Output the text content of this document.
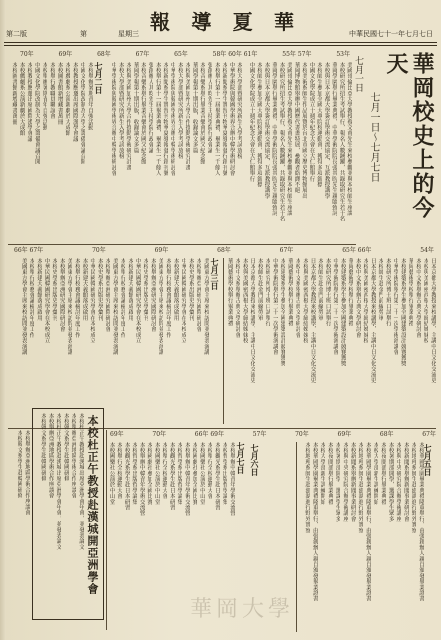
第二版	第	星期三	中華民國七十一年七月七日
報 導 夏 華
華岡校史上的今天
七月一日～七月七日
七月一日
70年	69年	68年	67年	65年	58年 60年 61年	55年 57年	53年
美國哥倫比亞大學教授蔡文甫先生來校參觀並與本校師生座談
本校研究所招生考試舉行，報名人數踴躍，共錄取研究生若干名
華岡學園舉行畢業典禮，中華學術院院長張其昀先生親臨致詞
本校與日本京都大學簽訂學術交流協定，互派教授講學
本校師生參加全國大專院校運動會，獲得多項錦標
中國文化學院成立十週年紀念大會在大仁館舉行
本校美術系師生作品展覽於台北市國立歷史博物館展出
華岡博物館舉辦中國歷代書畫特展，參觀者絡繹不絕
美國哥倫比亞大學教授蔡文甫先生來校參觀並與本校師生座談
本校研究所招生考試舉行，報名人數踴躍，共錄取研究生若干名
華岡學園舉行畢業典禮，中華學術院院長張其昀先生親臨致詞
本校與日本京都大學簽訂學術交流協定，互派教授講學
本校師生參加全國大專院校運動會，獲得多項錦標
中國文化學院成立十週年紀念大會在大仁館舉行
本校大學部暨研究所新生入學考試放榜
中華學術院與韓國學術界合辦中韓學術研討會
本校新聞系學生實習刊物華夏導報發行創刊號
本校舉行第十一屆畢業典禮，畢業生一千餘人
張創辦人其昀先生主持學院行政會議
本校音樂系舉行畢業音樂會於國父紀念館
華岡學報第十期出版，收錄論文多篇
本校與美國加州大學合作推動學術研究計畫
本校大學部暨研究所新生入學考試放榜
中華學術院與韓國學術界合辦中韓學術研討會
本校新聞系學生實習刊物華夏導報發行創刊號
本校舉行第十一屆畢業典禮，畢業生一千餘人
張創辦人其昀先生主持學院行政會議
本校音樂系舉行畢業音樂會於國父紀念館
華岡學報第十期出版，收錄論文多篇
本校與美國加州大學合作推動學術研究計畫
本校大學部暨研究所新生入學考試放榜
中華學術院與韓國學術界合辦中韓學術研討會
七月二日
本校舉辦暑期青年自強活動
中國文化學院改制為大學之籌備會議召開
本校教授應邀出席國際漢學會議
本校戲劇系公演新劇於大成館
本校圖書館新增藏書萬冊
本校舉行教職員聯誼會
本校舉辦暑期青年自強活動
中國文化學院改制為大學之籌備會議召開
本校教授應邀出席國際漢學會議
本校戲劇系公演新劇於大成館
本校圖書館新增藏書萬冊
66年 67年	70年	69年	68年	67年	65年 66年	54年
日本京都大學教授來校講學，主講中日文化交流史
本校與美國密西根大學締結姊妹校
本校中文系舉辦古典文學研討會
華岡藝術學校舉行畢業典禮
本校建築系學生參加全國建築設計競賽獲獎
中華學術院舉行第二十一次學術演講會
本校研究所博士班口試舉行
本校師生赴金門前線勞軍
日本京都大學教授來校講學，主講中日文化交流史
本校與美國密西根大學締結姊妹校
本校中文系舉辦古典文學研討會
華岡藝術學校舉行畢業典禮
本校建築系學生參加全國建築設計競賽獲獎
中華學術院舉行第二十一次學術演講會
本校研究所博士班口試舉行
本校師生赴金門前線勞軍
日本京都大學教授來校講學，主講中日文化交流史
本校與美國密西根大學締結姊妹校
本校中文系舉辦古典文學研討會
華岡藝術學校舉行畢業典禮
本校建築系學生參加全國建築設計競賽獲獎
中華學術院舉行第二十一次學術演講會
本校研究所博士班口試舉行
本校師生赴金門前線勞軍
日本京都大學教授來校講學，主講中日文化交流史
本校與美國密西根大學締結姊妹校
本校中文系舉辦古典文學研討會
華岡藝術學校舉行畢業典禮
七月三日
美國東方學會主席來校訪問並發表演講
本校舉辦亞洲研究國際研討會
本校史學系出版史學彙刊
中華民國韓國研究學會在本校成立
本校新建大義館落成啟用
本校舉行校務會議檢討年度工作
美國東方學會主席來校訪問並發表演講
本校舉辦亞洲研究國際研討會
本校史學系出版史學彙刊
中華民國韓國研究學會在本校成立
本校新建大義館落成啟用
本校舉行校務會議檢討年度工作
美國東方學會主席來校訪問並發表演講
本校舉辦亞洲研究國際研討會
本校史學系出版史學彙刊
中華民國韓國研究學會在本校成立
本校新建大義館落成啟用
本校舉行校務會議檢討年度工作
美國東方學會主席來校訪問並發表演講
本校舉辦亞洲研究國際研討會
本校史學系出版史學彙刊
中華民國韓國研究學會在本校成立
本校新建大義館落成啟用
本校舉行校務會議檢討年度工作
美國東方學會主席來校訪問並發表演講
69年	70年	66年 69年	57年	70年	69年	68年	67年
七月五日
本校華岡學園畢業典禮隆重舉行，由張創辦人親自頒發畢業證書
本校地理系師生赴澎湖進行野外實察
本校新聞系舉辦新聞事業研討會
本校與中央研究院合辦學術講座
本校暑期部開學，選課學生眾多
本校夜間部舉行畢業典禮
本校大學部新生訓練開始
本校華岡學園畢業典禮隆重舉行，由張創辦人親自頒發畢業證書
本校地理系師生赴澎湖進行野外實察
本校新聞系舉辦新聞事業研討會
本校與中央研究院合辦學術講座
本校暑期部開學，選課學生眾多
本校夜間部舉行畢業典禮
本校大學部新生訓練開始
本校華岡學園畢業典禮隆重舉行，由張創辦人親自頒發畢業證書
本校地理系師生赴澎湖進行野外實察
七月六日
七月七日
本校舉辦中韓青年學術交流營
本校哲學系出版哲學論集
本校觀光系學生赴日本研習
本校舉行全校運動大會
本校國樂社公演於中山堂
本校國劇社參加全國比賽
本校舉辦中韓青年學術交流營
本校哲學系出版哲學論集
本校觀光系學生赴日本研習
本校舉行全校運動大會
本校國樂社公演於中山堂
本校國劇社參加全國比賽
本校舉辦中韓青年學術交流營
本校哲學系出版哲學論集
本校觀光系學生赴日本研習
本校舉行全校運動大會
本校國樂社公演於中山堂
本校杜正午教授赴漢城開亞洲學會
本校杜正午教授赴漢城出席亞洲學會年會，並發表論文
本校舉辦亞洲地區學術合作座談會
本校韓文系學生赴韓國研修
本校杜正午教授赴漢城出席亞洲學會年會，並發表論文
本校舉辦亞洲地區學術合作座談會
本校韓文系學生赴韓國研修
本校舉辦亞洲地區學術合作座談會
本校韓文系學生赴韓國研修
華岡大學
